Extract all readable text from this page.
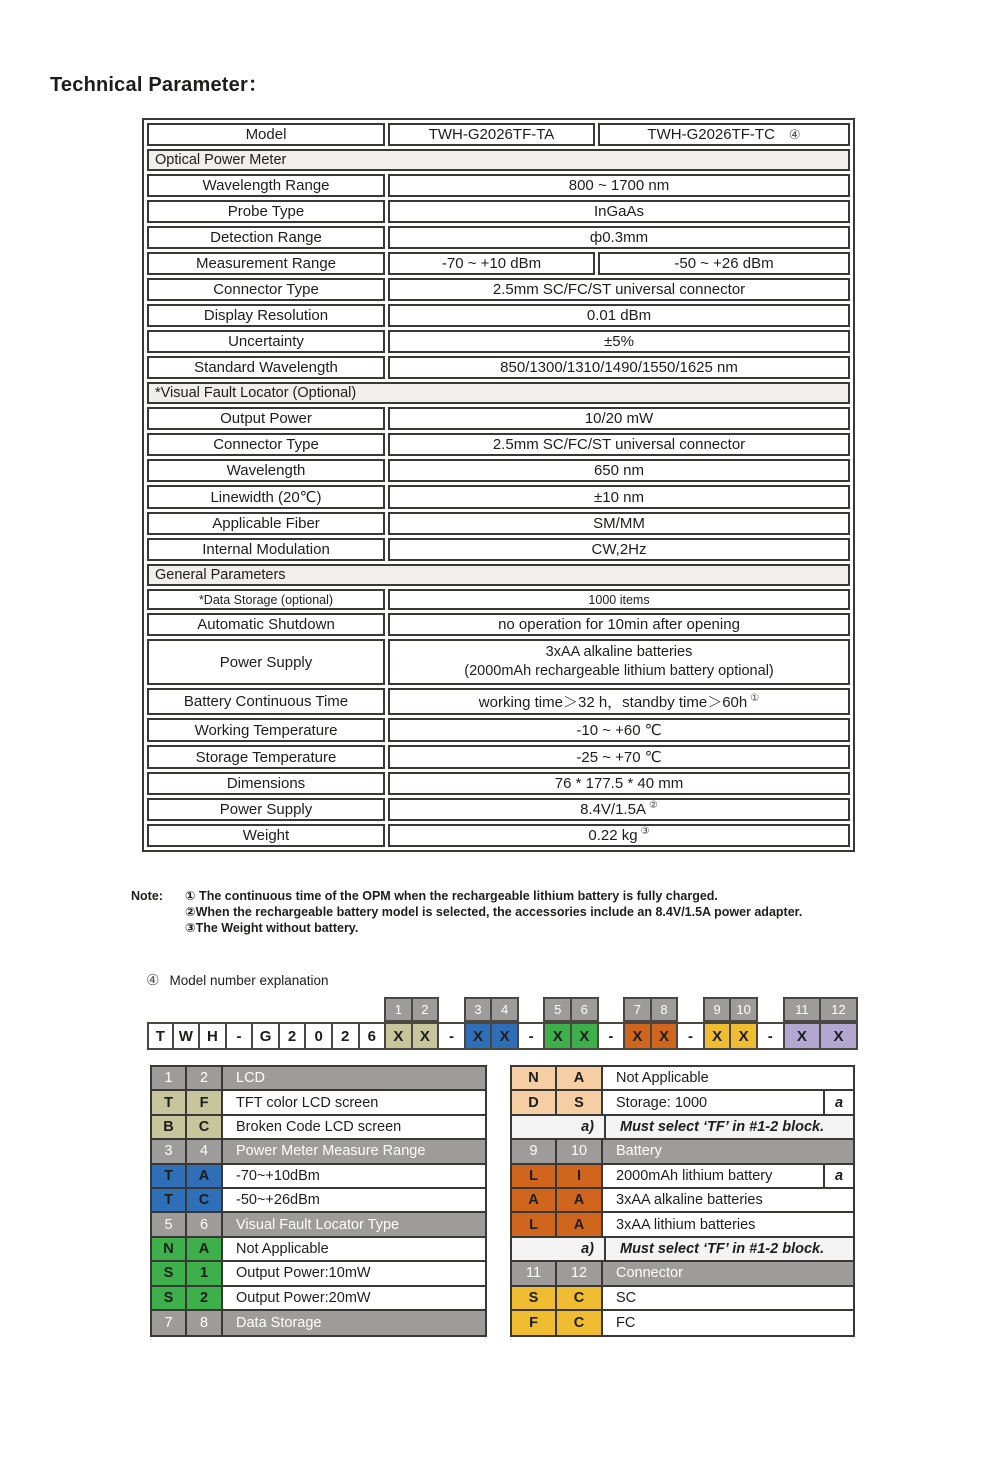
Technical Parameter：
Model	TWH-G2026TF-TA	TWH-G2026TF-TC ④
Optical Power Meter		
Wavelength Range	800 ~ 1700 nm	
Probe Type	InGaAs	
Detection Range	ф0.3mm	
Measurement Range	-70 ~ +10 dBm	-50 ~ +26 dBm
Connector Type	2.5mm SC/FC/ST universal connector	
Display Resolution	0.01 dBm	
Uncertainty	±5%	
Standard Wavelength	850/1300/1310/1490/1550/1625 nm	
*Visual Fault Locator (Optional)		
Output Power	10/20 mW	
Connector Type	2.5mm SC/FC/ST universal connector	
Wavelength	650 nm	
Linewidth (20℃)	±10 nm	
Applicable Fiber	SM/MM	
Internal Modulation	CW,2Hz	
General Parameters		
*Data Storage (optional)	1000 items	
Automatic Shutdown	no operation for 10min after opening	
Power Supply	3xAA alkaline batteries
(2000mAh rechargeable lithium battery optional)	

Battery Continuous Time	working time＞32 h，standby time＞60h ①
Working Temperature	-10 ~ +60 ℃	
Storage Temperature	-25 ~ +70 ℃	
Dimensions	76 * 177.5 * 40 mm	
Power Supply	8.4V/1.5A ②
Weight	0.22 kg ③
Note:	① The continuous time of the OPM when the rechargeable lithium battery is fully charged.
②When the rechargeable battery model is selected, the accessories include an 8.4V/1.5A power adapter.
③The Weight without battery.
④ Model number explanation
1	2	3	4	5	6	7	8	9	10	11	12
T W H	-	G	2	0	2	6	X	X	-	X	X	-	X	X	-	X	X	-	X	X	-	X	X
1	2	LCD
T	F	TFT color LCD screen
B	C	Broken Code LCD screen
3	4	Power Meter Measure Range
T	A	-70~+10dBm
T	C	-50~+26dBm
5	6	Visual Fault Locator Type
N	A	Not Applicable
S	1	Output Power:10mW
S	2	Output Power:20mW
7	8	Data Storage
N	A	Not Applicable
D	S	Storage: 1000	a
a)	Must select ‘TF’ in #1-2 block.
9	10	Battery
L	I	2000mAh lithium battery	a
A	A	3xAA alkaline batteries
L	A	3xAA lithium batteries
a)	Must select ‘TF’ in #1-2 block.
11	12	Connector
S	C	SC
F	C	FC
